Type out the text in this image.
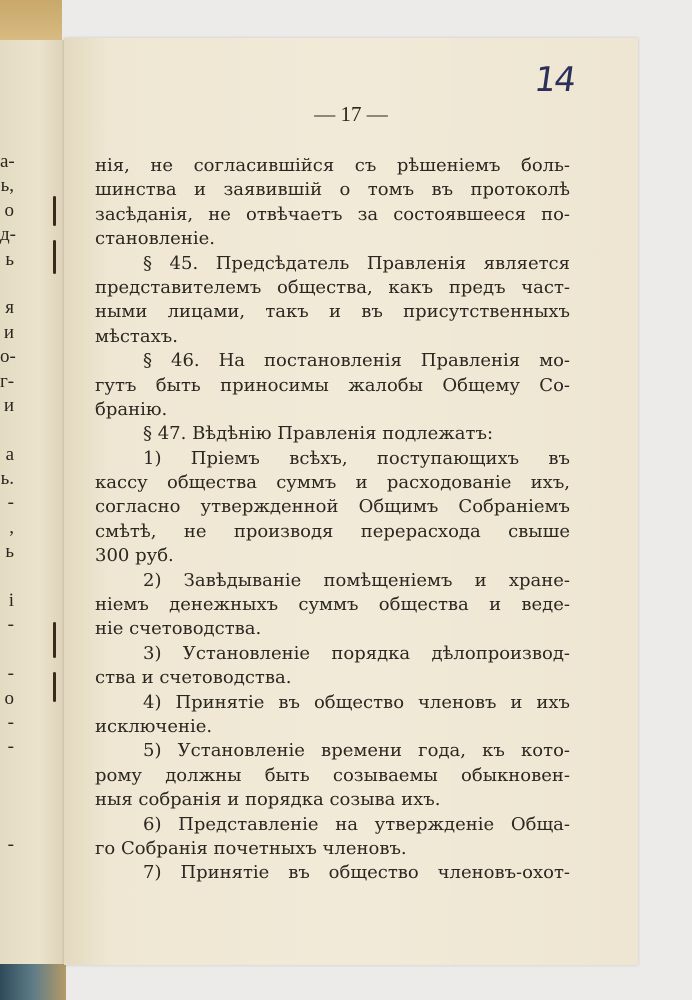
а-
ь,
о
д-
ь
я
и
о-
г-
и
а
ь.
-
,
ь
і
-
-
о
-
-
-
14
— 17 —
нія, не согласившійся съ рѣшеніемъ боль-
шинства и заявившій о томъ въ протоколѣ
засѣданія, не отвѣчаетъ за состоявшееся по-
становленіе.
§ 45. Предсѣдатель Правленія является
представителемъ общества, какъ предъ част-
ными лицами, такъ и въ присутственныхъ
мѣстахъ.
§ 46. На постановленія Правленія мо-
гутъ быть приносимы жалобы Общему Со-
бранію.
§ 47. Вѣдѣнію Правленія подлежатъ:
1) Пріемъ всѣхъ, поступающихъ въ
кассу общества суммъ и расходованіе ихъ,
согласно утвержденной Общимъ Собраніемъ
смѣтѣ, не производя перерасхода свыше
300 руб.
2) Завѣдываніе помѣщеніемъ и хране-
ніемъ денежныхъ суммъ общества и веде-
ніе счетоводства.
3) Установленіе порядка дѣлопроизвод-
ства и счетоводства.
4) Принятіе въ общество членовъ и ихъ
исключеніе.
5) Установленіе времени года, къ кото-
рому должны быть созываемы обыкновен-
ныя собранія и порядка созыва ихъ.
6) Представленіе на утвержденіе Обща-
го Собранія почетныхъ членовъ.
7) Принятіе въ общество членовъ-охот-
